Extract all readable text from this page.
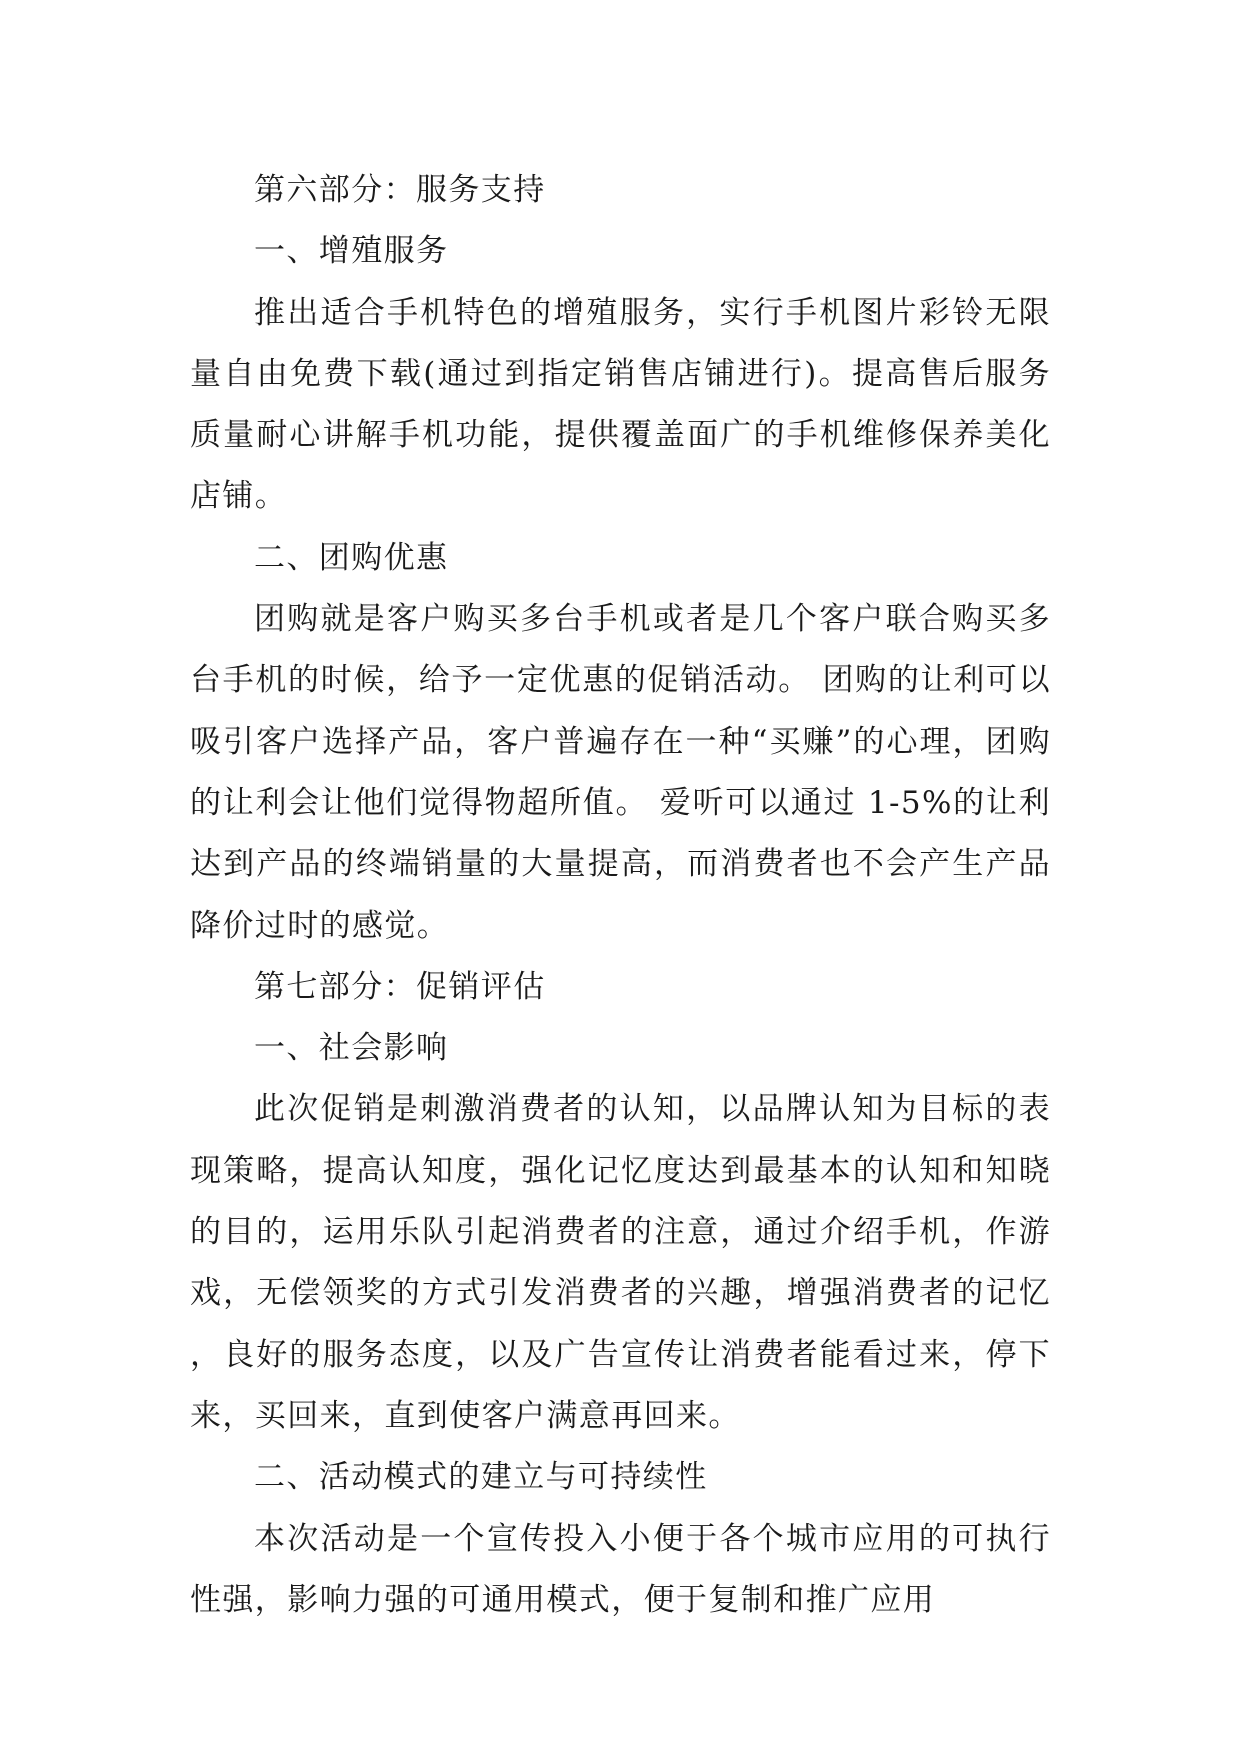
第六部分：服务支持

一、增殖服务

推出适合手机特色的增殖服务，实行手机图片彩铃无限量自由免费下载(通过到指定销售店铺进行)。提高售后服务质量耐心讲解手机功能，提供覆盖面广的手机维修保养美化店铺。

二、团购优惠

团购就是客户购买多台手机或者是几个客户联合购买多台手机的时候，给予一定优惠的促销活动。 团购的让利可以吸引客户选择产品，客户普遍存在一种“买赚”的心理，团购的让利会让他们觉得物超所值。 爱听可以通过 1-5%的让利达到产品的终端销量的大量提高，而消费者也不会产生产品降价过时的感觉。

第七部分：促销评估

一、社会影响

此次促销是刺激消费者的认知，以品牌认知为目标的表现策略，提高认知度，强化记忆度达到最基本的认知和知晓的目的，运用乐队引起消费者的注意，通过介绍手机，作游戏，无偿领奖的方式引发消费者的兴趣，增强消费者的记忆，良好的服务态度，以及广告宣传让消费者能看过来，停下来，买回来，直到使客户满意再回来。

二、活动模式的建立与可持续性

本次活动是一个宣传投入小便于各个城市应用的可执行性强，影响力强的可通用模式，便于复制和推广应用
